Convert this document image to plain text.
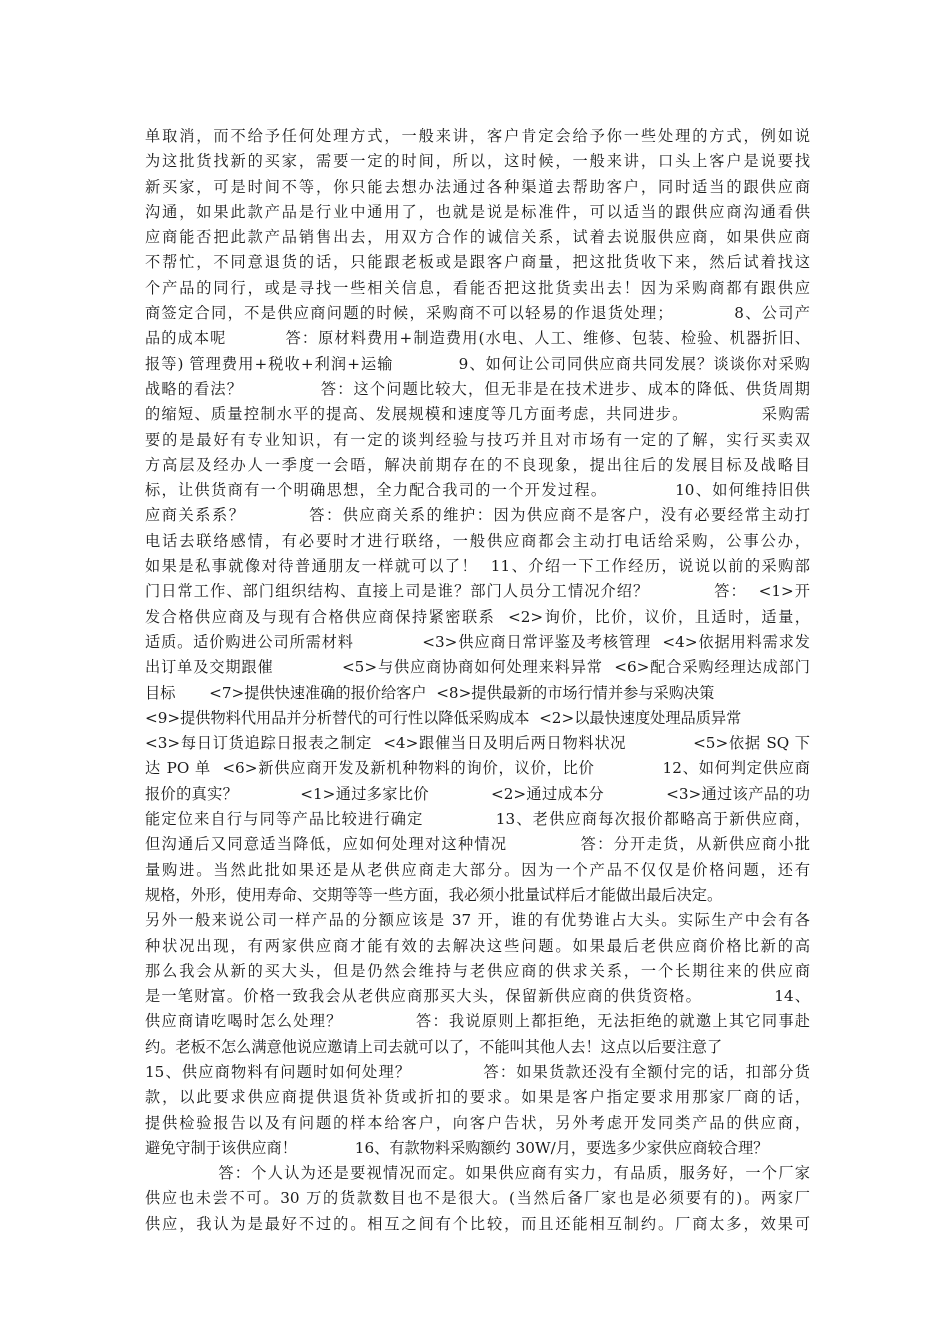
单取消，而不给予任何处理方式，一般来讲，客户肯定会给予你一些处理的方式，例如说
为这批货找新的买家，需要一定的时间，所以，这时候，一般来讲，口头上客户是说要找
新买家，可是时间不等，你只能去想办法通过各种渠道去帮助客户，同时适当的跟供应商
沟通，如果此款产品是行业中通用了，也就是说是标准件，可以适当的跟供应商沟通看供
应商能否把此款产品销售出去，用双方合作的诚信关系，试着去说服供应商，如果供应商
不帮忙，不同意退货的话，只能跟老板或是跟客户商量，把这批货收下来，然后试着找这
个产品的同行，或是寻找一些相关信息，看能否把这批货卖出去！因为采购商都有跟供应
商签定合同，不是供应商问题的时候，采购商不可以轻易的作退货处理；          8、公司产
品的成本呢          答：原材料费用+制造费用(水电、人工、维修、包装、检验、机器折旧、
报等) 管理费用+税收+利润+运输           9、如何让公司同供应商共同发展？谈谈你对采购
战略的看法？             答：这个问题比较大，但无非是在技术进步、成本的降低、供货周期
的缩短、质量控制水平的提高、发展规模和速度等几方面考虑，共同进步。            采购需
要的是最好有专业知识，有一定的谈判经验与技巧并且对市场有一定的了解，实行买卖双
方高层及经办人一季度一会晤，解决前期存在的不良现象，提出往后的发展目标及战略目
标，让供货商有一个明确思想，全力配合我司的一个开发过程。           10、如何维持旧供
应商关系系？          答：供应商关系的维护：因为供应商不是客户，没有必要经常主动打
电话去联络感情，有必要时才进行联络，一般供应商都会主动打电话给采购，公事公办，
如果是私事就像对待普通朋友一样就可以了！  11、介绍一下工作经历，说说以前的采购部
门日常工作、部门组织结构、直接上司是谁？部门人员分工情况介绍？           答：  <1>开
发合格供应商及与现有合格供应商保持紧密联系  <2>询价，比价，议价，且适时，适量，
适质。适价购进公司所需材料            <3>供应商日常评鉴及考核管理  <4>依据用料需求发
出订单及交期跟催            <5>与供应商协商如何处理来料异常  <6>配合采购经理达成部门
目标       <7>提供快速准确的报价给客户  <8>提供最新的市场行情并参与采购决策
<9>提供物料代用品并分析替代的可行性以降低采购成本  <2>以最快速度处理品质异常
<3>每日订货追踪日报表之制定  <4>跟催当日及明后两日物料状况            <5>依据 SQ 下
达 PO 单  <6>新供应商开发及新机种物料的询价，议价，比价            12、如何判定供应商
报价的真实？            <1>通过多家比价            <2>通过成本分            <3>通过该产品的功
能定位来自行与同等产品比较进行确定            13、老供应商每次报价都略高于新供应商，
但沟通后又同意适当降低，应如何处理对这种情况            答：分开走货，从新供应商小批
量购进。当然此批如果还是从老供应商走大部分。因为一个产品不仅仅是价格问题，还有
规格，外形，使用寿命、交期等等一些方面，我必须小批量试样后才能做出最后决定。
另外一般来说公司一样产品的分额应该是 37 开，谁的有优势谁占大头。实际生产中会有各
种状况出现，有两家供应商才能有效的去解决这些问题。如果最后老供应商价格比新的高
那么我会从新的买大头，但是仍然会维持与老供应商的供求关系，一个长期往来的供应商
是一笔财富。价格一致我会从老供应商那买大头，保留新供应商的供货资格。            14、
供应商请吃喝时怎么处理？            答：我说原则上都拒绝，无法拒绝的就邀上其它同事赴
约。老板不怎么满意他说应邀请上司去就可以了，不能叫其他人去！这点以后要注意了
15、供应商物料有问题时如何处理？            答：如果货款还没有全额付完的话，扣部分货
款，以此要求供应商提供退货补货或折扣的要求。如果是客户指定要求用那家厂商的话，
提供检验报告以及有问题的样本给客户，向客户告状，另外考虑开发同类产品的供应商，
避免守制于该供应商！            16、有款物料采购额约 30W/月，要选多少家供应商较合理？
答：个人认为还是要视情况而定。如果供应商有实力，有品质，服务好，一个厂家
供应也未尝不可。30 万的货款数目也不是很大。(当然后备厂家也是必须要有的)。两家厂
供应，我认为是最好不过的。相互之间有个比较，而且还能相互制约。厂商太多，效果可
